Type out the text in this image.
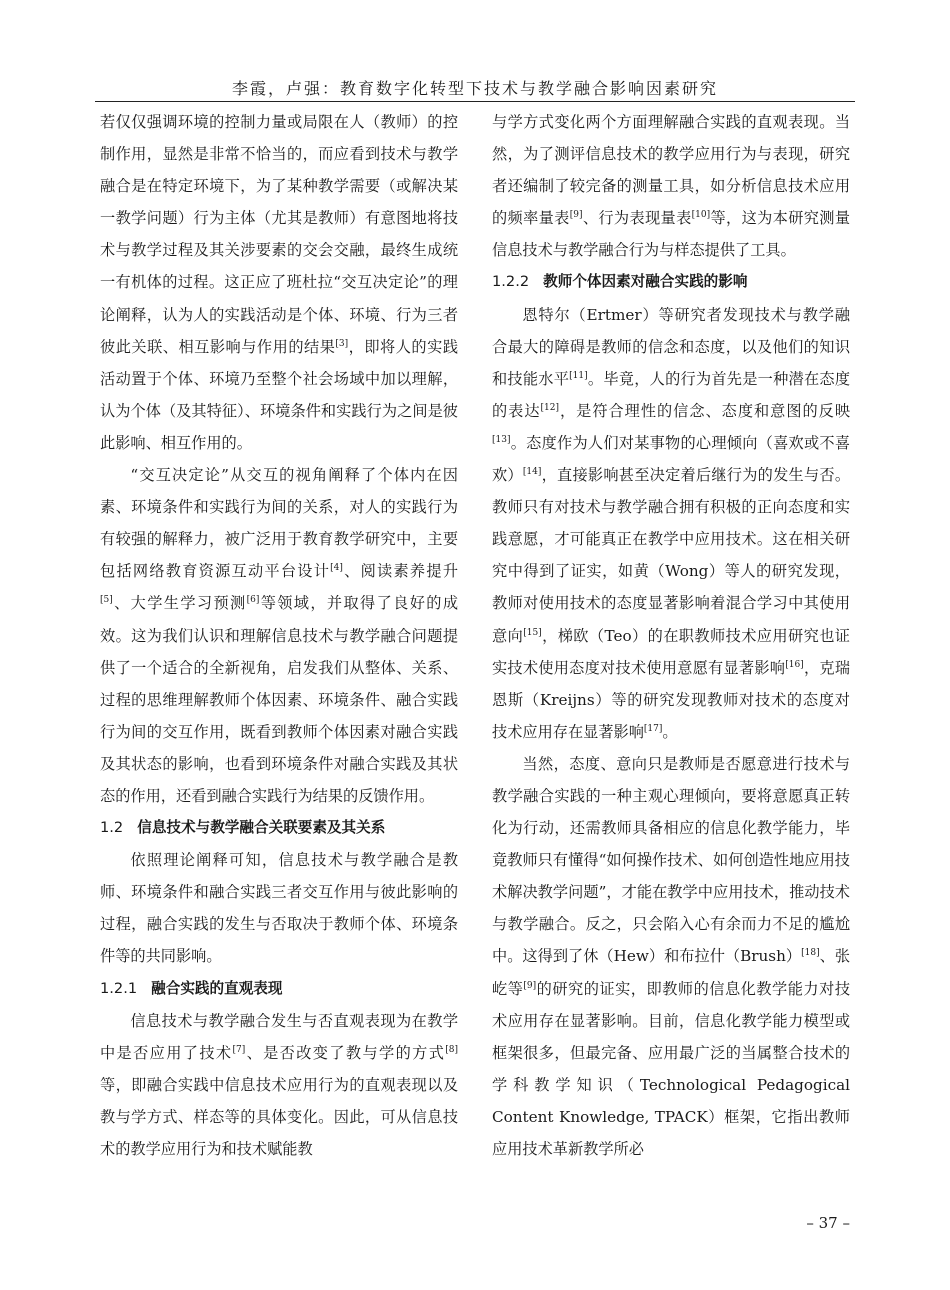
李霞，卢强：教育数字化转型下技术与教学融合影响因素研究

若仅仅强调环境的控制力量或局限在人（教师）的控制作用，显然是非常不恰当的，而应看到技术与教学融合是在特定环境下，为了某种教学需要（或解决某一教学问题）行为主体（尤其是教师）有意图地将技术与教学过程及其关涉要素的交会交融，最终生成统一有机体的过程。这正应了班杜拉“交互决定论”的理论阐释，认为人的实践活动是个体、环境、行为三者彼此关联、相互影响与作用的结果[3]，即将人的实践活动置于个体、环境乃至整个社会场域中加以理解，认为个体（及其特征）、环境条件和实践行为之间是彼此影响、相互作用的。

“交互决定论”从交互的视角阐释了个体内在因素、环境条件和实践行为间的关系，对人的实践行为有较强的解释力，被广泛用于教育教学研究中，主要包括网络教育资源互动平台设计[4]、阅读素养提升[5]、大学生学习预测[6]等领域，并取得了良好的成效。这为我们认识和理解信息技术与教学融合问题提供了一个适合的全新视角，启发我们从整体、关系、过程的思维理解教师个体因素、环境条件、融合实践行为间的交互作用，既看到教师个体因素对融合实践及其状态的影响，也看到环境条件对融合实践及其状态的作用，还看到融合实践行为结果的反馈作用。

1.2 信息技术与教学融合关联要素及其关系

依照理论阐释可知，信息技术与教学融合是教师、环境条件和融合实践三者交互作用与彼此影响的过程，融合实践的发生与否取决于教师个体、环境条件等的共同影响。

1.2.1 融合实践的直观表现

信息技术与教学融合发生与否直观表现为在教学中是否应用了技术[7]、是否改变了教与学的方式[8]等，即融合实践中信息技术应用行为的直观表现以及教与学方式、样态等的具体变化。因此，可从信息技术的教学应用行为和技术赋能教

与学方式变化两个方面理解融合实践的直观表现。当然，为了测评信息技术的教学应用行为与表现，研究者还编制了较完备的测量工具，如分析信息技术应用的频率量表[9]、行为表现量表[10]等，这为本研究测量信息技术与教学融合行为与样态提供了工具。

1.2.2 教师个体因素对融合实践的影响

恩特尔（Ertmer）等研究者发现技术与教学融合最大的障碍是教师的信念和态度，以及他们的知识和技能水平[11]。毕竟，人的行为首先是一种潜在态度的表达[12]，是符合理性的信念、态度和意图的反映[13]。态度作为人们对某事物的心理倾向（喜欢或不喜欢）[14]，直接影响甚至决定着后继行为的发生与否。教师只有对技术与教学融合拥有积极的正向态度和实践意愿，才可能真正在教学中应用技术。这在相关研究中得到了证实，如黄（Wong）等人的研究发现，教师对使用技术的态度显著影响着混合学习中其使用意向[15]，梯欧（Teo）的在职教师技术应用研究也证实技术使用态度对技术使用意愿有显著影响[16]，克瑞恩斯（Kreijns）等的研究发现教师对技术的态度对技术应用存在显著影响[17]。

当然，态度、意向只是教师是否愿意进行技术与教学融合实践的一种主观心理倾向，要将意愿真正转化为行动，还需教师具备相应的信息化教学能力，毕竟教师只有懂得“如何操作技术、如何创造性地应用技术解决教学问题”，才能在教学中应用技术，推动技术与教学融合。反之，只会陷入心有余而力不足的尴尬中。这得到了休（Hew）和布拉什（Brush）[18]、张屹等[9]的研究的证实，即教师的信息化教学能力对技术应用存在显著影响。目前，信息化教学能力模型或框架很多，但最完备、应用最广泛的当属整合技术的学科教学知识（Technological Pedagogical Content Knowledge, TPACK）框架，它指出教师应用技术革新教学所必

– 37 –
